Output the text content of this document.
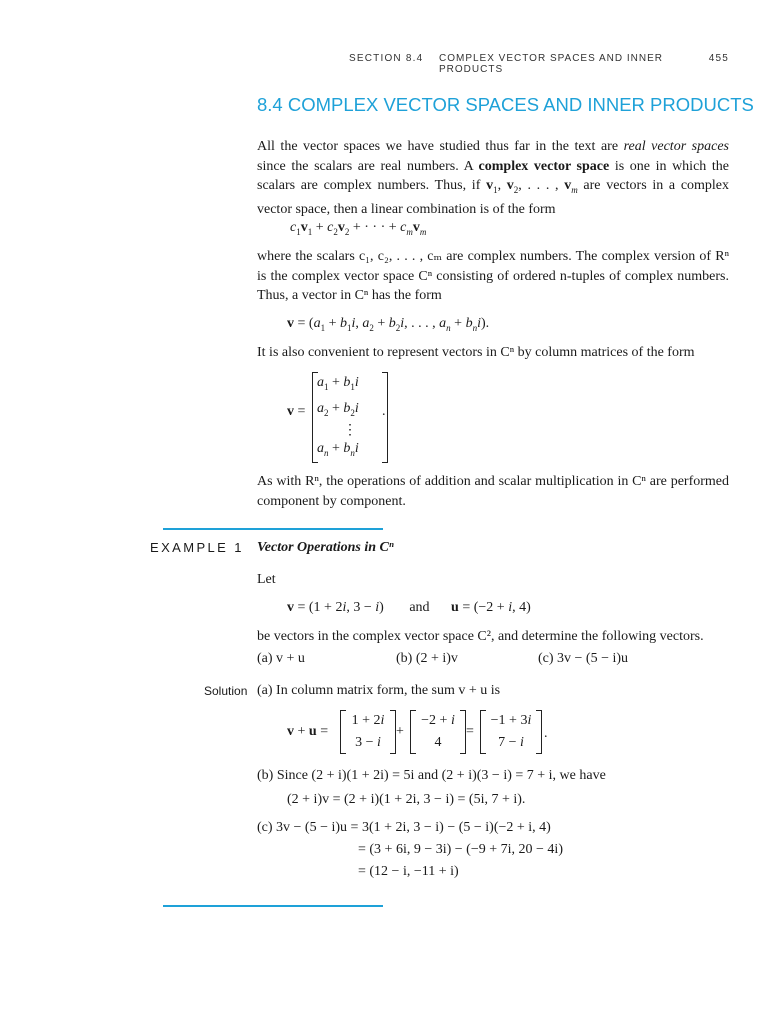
SECTION 8.4 COMPLEX VECTOR SPACES AND INNER PRODUCTS
455
8.4 COMPLEX VECTOR SPACES AND INNER PRODUCTS

All the vector spaces we have studied thus far in the text are real vector spaces since the scalars are real numbers. A complex vector space is one in which the scalars are complex numbers. Thus, if $v_1$, $v_2$, . . . , $v_m$ are vectors in a complex vector space, then a linear combination is of the form

$c_1v_1 + c_2v_2$ + · · · + $c_mv_m$

where the scalars c₁, c₂, . . . , cₘ are complex numbers. The complex version of Rⁿ is the complex vector space Cⁿ consisting of ordered n-tuples of complex numbers. Thus, a vector in Cⁿ has the form

$v = (a_1 + b_1i$, $a_2 + b_2i$, . . . , $a_n + b_ni$).

It is also convenient to represent vectors in Cⁿ by column matrices of the form

v =
$a_1 + b_1i$
$a_2 + b_2i$
⋮
$a_n + b_ni$
.

As with Rⁿ, the operations of addition and scalar multiplication in Cⁿ are performed component by component.

EXAMPLE 1 Vector Operations in Cⁿ
Let
v = (1 + 2i, 3 − i) and u = (−2 + i, 4)

be vectors in the complex vector space C², and determine the following vectors.

(a) v + u	(b) (2 + i)v	(c) 3v − (5 − i)u
Solution (a) In column matrix form, the sum v + u is
v + u =
1 + 2i
3 − i
+
−2 + i
4
=
−1 + 3i
7 − i
.
(b) Since (2 + i)(1 + 2i) = 5i and (2 + i)(3 − i) = 7 + i, we have
(2 + i)v = (2 + i)(1 + 2i, 3 − i) = (5i, 7 + i).
(c) 3v − (5 − i)u = 3(1 + 2i, 3 − i) − (5 − i)(−2 + i, 4)
= (3 + 6i, 9 − 3i) − (−9 + 7i, 20 − 4i)
= (12 − i, −11 + i)
